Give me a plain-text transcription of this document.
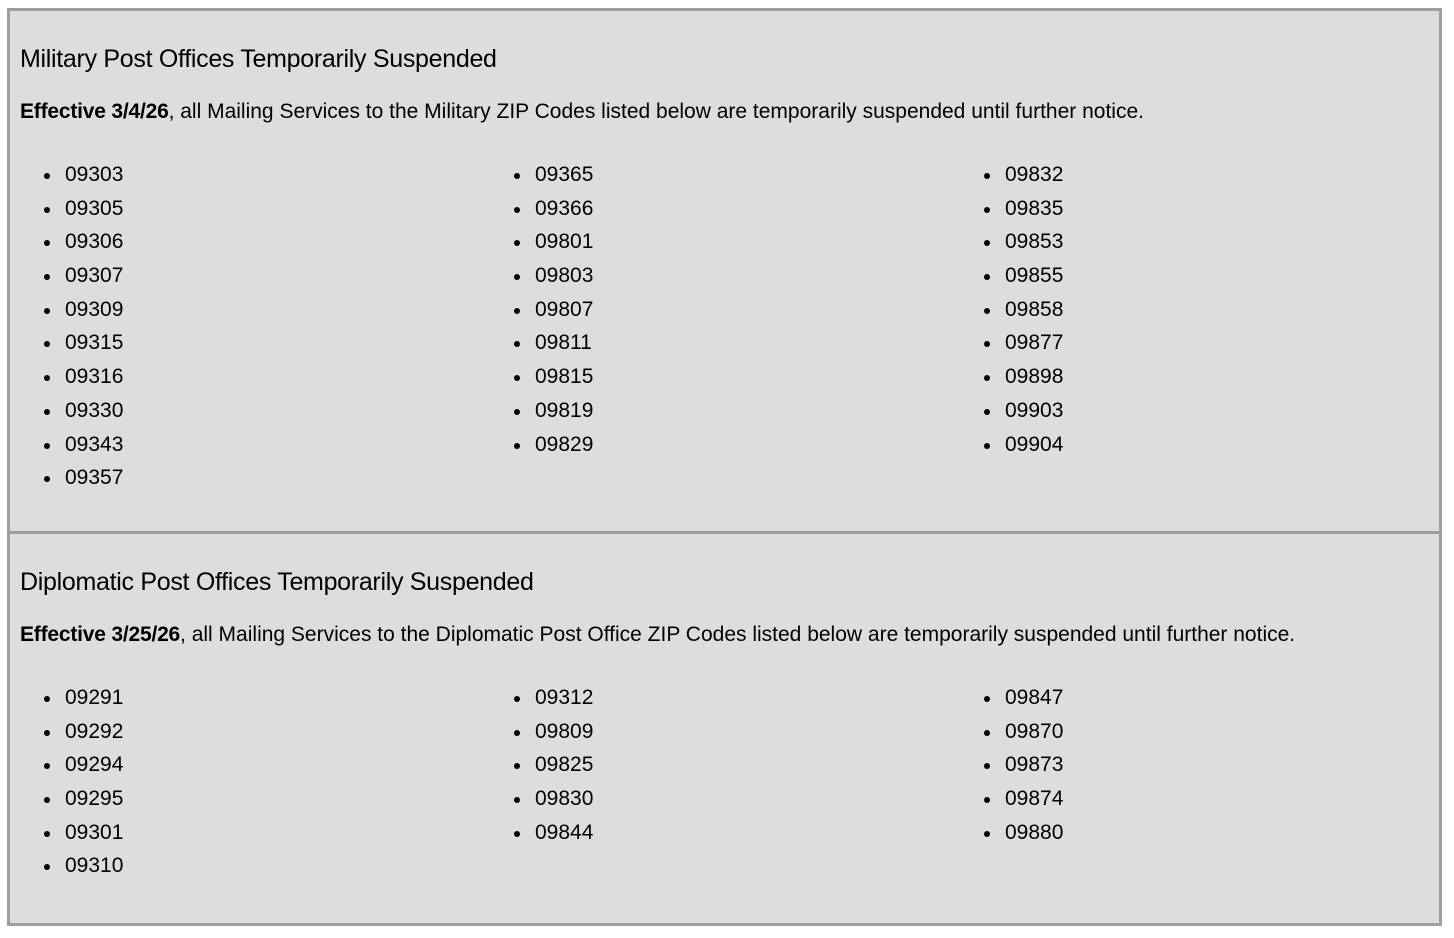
Military Post Offices Temporarily Suspended

Effective 3/4/26, all Mailing Services to the Military ZIP Codes listed below are temporarily suspended until further notice.

09303
09305
09306
09307
09309
09315
09316
09330
09343
09357
09365
09366
09801
09803
09807
09811
09815
09819
09829
09832
09835
09853
09855
09858
09877
09898
09903
09904
Diplomatic Post Offices Temporarily Suspended

Effective 3/25/26, all Mailing Services to the Diplomatic Post Office ZIP Codes listed below are temporarily suspended until further notice.

09291
09292
09294
09295
09301
09310
09312
09809
09825
09830
09844
09847
09870
09873
09874
09880
